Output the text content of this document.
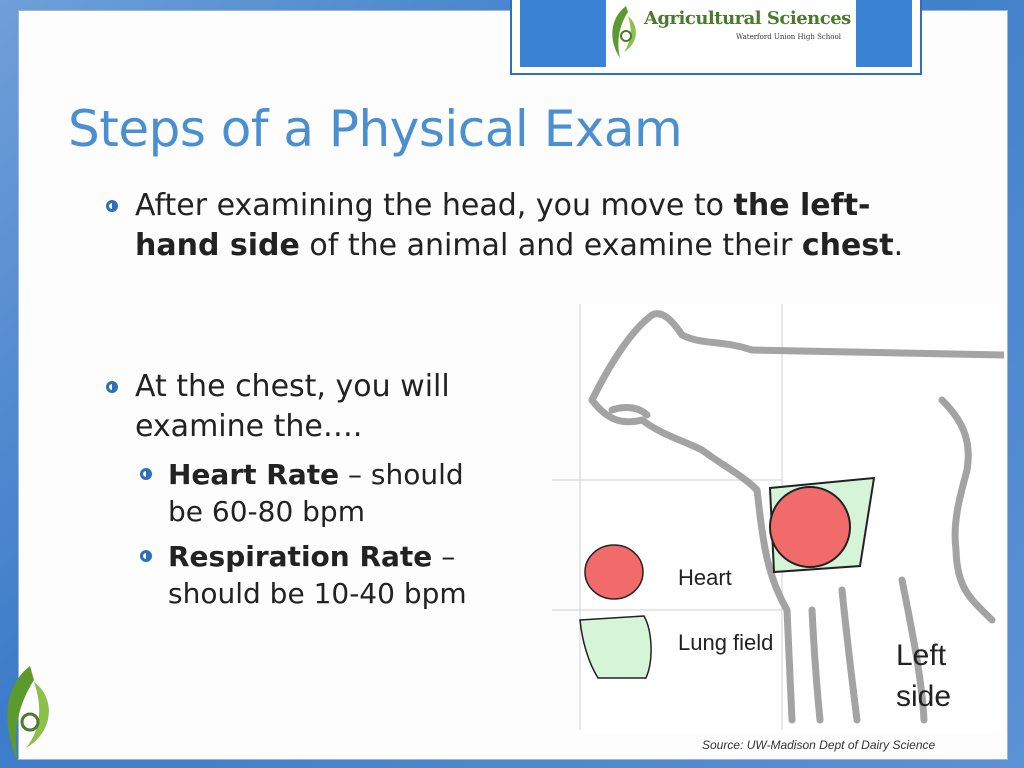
Agricultural Sciences
Waterford Union High School
Steps of a Physical Exam
After examining the head, you move to the left-hand side of the animal and examine their chest.
At the chest, you will examine the….
Heart Rate – should be 60-80 bpm
Respiration Rate – should be 10-40 bpm	Heart
Lung field	Left
side
Source: UW-Madison Dept of Dairy Science
